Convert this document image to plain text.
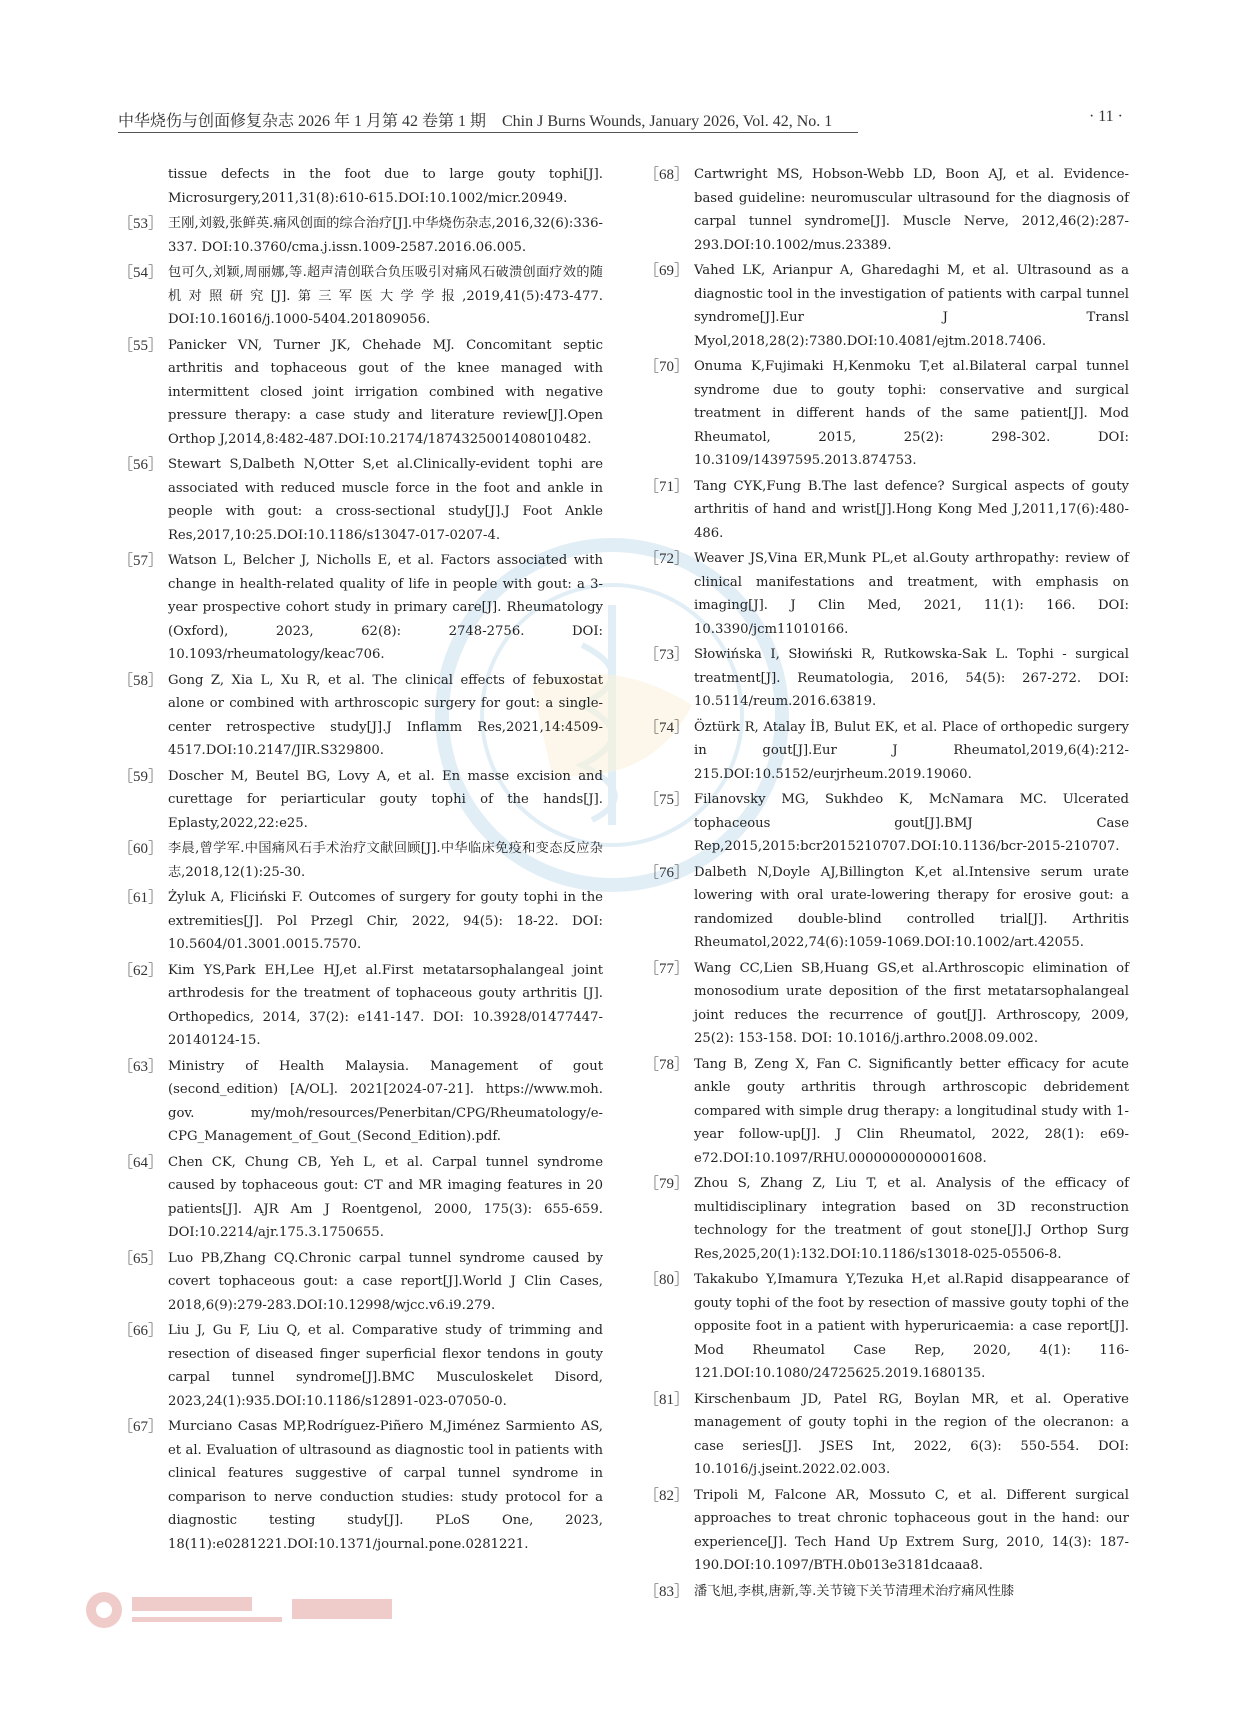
中华烧伤与创面修复杂志 2026 年 1 月第 42 卷第 1 期　Chin J Burns Wounds, January 2026, Vol. 42, No. 1	· 11 ·
tissue defects in the foot due to large gouty tophi[J]. Microsurgery,2011,31(8):610-615.DOI:10.1002/micr.20949.
［53］ 王刚,刘毅,张鲜英.痛风创面的综合治疗[J].中华烧伤杂志,2016,32(6):336-337. DOI:10.3760/cma.j.issn.1009-2587.2016.06.005.
［54］ 包可久,刘颖,周丽娜,等.超声清创联合负压吸引对痛风石破溃创面疗效的随机对照研究[J].第三军医大学学报,2019,41(5):473-477. DOI:10.16016/j.1000-5404.201809056.
［55］ Panicker VN, Turner JK, Chehade MJ. Concomitant septic arthritis and tophaceous gout of the knee managed with intermittent closed joint irrigation combined with negative pressure therapy: a case study and literature review[J].Open Orthop J,2014,8:482-487.DOI:10.2174/1874325001408010482.
［56］ Stewart S,Dalbeth N,Otter S,et al.Clinically-evident tophi are associated with reduced muscle force in the foot and ankle in people with gout: a cross-sectional study[J].J Foot Ankle Res,2017,10:25.DOI:10.1186/s13047-017-0207-4.
［57］ Watson L, Belcher J, Nicholls E, et al. Factors associated with change in health-related quality of life in people with gout: a 3-year prospective cohort study in primary care[J]. Rheumatology (Oxford), 2023, 62(8): 2748-2756. DOI: 10.1093/rheumatology/keac706.
［58］ Gong Z, Xia L, Xu R, et al. The clinical effects of febuxostat alone or combined with arthroscopic surgery for gout: a single-center retrospective study[J].J Inflamm Res,2021,14:4509-4517.DOI:10.2147/JIR.S329800.
［59］ Doscher M, Beutel BG, Lovy A, et al. En masse excision and curettage for periarticular gouty tophi of the hands[J]. Eplasty,2022,22:e25.
［60］ 李晨,曾学军.中国痛风石手术治疗文献回顾[J].中华临床免疫和变态反应杂志,2018,12(1):25-30.
［61］ Żyluk A, Fliciński F. Outcomes of surgery for gouty tophi in the extremities[J]. Pol Przegl Chir, 2022, 94(5): 18-22. DOI: 10.5604/01.3001.0015.7570.
［62］ Kim YS,Park EH,Lee HJ,et al.First metatarsophalangeal joint arthrodesis for the treatment of tophaceous gouty arthritis [J]. Orthopedics, 2014, 37(2): e141-147. DOI: 10.3928/01477447-20140124-15.
［63］ Ministry of Health Malaysia. Management of gout (second_edition) [A/OL]. 2021[2024-07-21]. https://www.moh. gov. my/moh/resources/Penerbitan/CPG/Rheumatology/e-CPG_Management_of_Gout_(Second_Edition).pdf.
［64］ Chen CK, Chung CB, Yeh L, et al. Carpal tunnel syndrome caused by tophaceous gout: CT and MR imaging features in 20 patients[J]. AJR Am J Roentgenol, 2000, 175(3): 655-659. DOI:10.2214/ajr.175.3.1750655.
［65］ Luo PB,Zhang CQ.Chronic carpal tunnel syndrome caused by covert tophaceous gout: a case report[J].World J Clin Cases, 2018,6(9):279-283.DOI:10.12998/wjcc.v6.i9.279.
［66］ Liu J, Gu F, Liu Q, et al. Comparative study of trimming and resection of diseased finger superficial flexor tendons in gouty carpal tunnel syndrome[J].BMC Musculoskelet Disord, 2023,24(1):935.DOI:10.1186/s12891-023-07050-0.
［67］ Murciano Casas MP,Rodríguez-Piñero M,Jiménez Sarmiento AS, et al. Evaluation of ultrasound as diagnostic tool in patients with clinical features suggestive of carpal tunnel syndrome in comparison to nerve conduction studies: study protocol for a diagnostic testing study[J]. PLoS One, 2023, 18(11):e0281221.DOI:10.1371/journal.pone.0281221.
［68］ Cartwright MS, Hobson-Webb LD, Boon AJ, et al. Evidence-based guideline: neuromuscular ultrasound for the diagnosis of carpal tunnel syndrome[J]. Muscle Nerve, 2012,46(2):287-293.DOI:10.1002/mus.23389.
［69］ Vahed LK, Arianpur A, Gharedaghi M, et al. Ultrasound as a diagnostic tool in the investigation of patients with carpal tunnel syndrome[J].Eur J Transl Myol,2018,28(2):7380.DOI:10.4081/ejtm.2018.7406.
［70］ Onuma K,Fujimaki H,Kenmoku T,et al.Bilateral carpal tunnel syndrome due to gouty tophi: conservative and surgical treatment in different hands of the same patient[J]. Mod Rheumatol, 2015, 25(2): 298-302. DOI: 10.3109/14397595.2013.874753.
［71］ Tang CYK,Fung B.The last defence? Surgical aspects of gouty arthritis of hand and wrist[J].Hong Kong Med J,2011,17(6):480-486.
［72］ Weaver JS,Vina ER,Munk PL,et al.Gouty arthropathy: review of clinical manifestations and treatment, with emphasis on imaging[J]. J Clin Med, 2021, 11(1): 166. DOI: 10.3390/jcm11010166.
［73］ Słowińska I, Słowiński R, Rutkowska-Sak L. Tophi - surgical treatment[J]. Reumatologia, 2016, 54(5): 267-272. DOI: 10.5114/reum.2016.63819.
［74］ Öztürk R, Atalay İB, Bulut EK, et al. Place of orthopedic surgery in gout[J].Eur J Rheumatol,2019,6(4):212-215.DOI:10.5152/eurjrheum.2019.19060.
［75］ Filanovsky MG, Sukhdeo K, McNamara MC. Ulcerated tophaceous gout[J].BMJ Case Rep,2015,2015:bcr2015210707.DOI:10.1136/bcr-2015-210707.
［76］ Dalbeth N,Doyle AJ,Billington K,et al.Intensive serum urate lowering with oral urate-lowering therapy for erosive gout: a randomized double-blind controlled trial[J]. Arthritis Rheumatol,2022,74(6):1059-1069.DOI:10.1002/art.42055.
［77］ Wang CC,Lien SB,Huang GS,et al.Arthroscopic elimination of monosodium urate deposition of the first metatarsophalangeal joint reduces the recurrence of gout[J]. Arthroscopy, 2009, 25(2): 153-158. DOI: 10.1016/j.arthro.2008.09.002.
［78］ Tang B, Zeng X, Fan C. Significantly better efficacy for acute ankle gouty arthritis through arthroscopic debridement compared with simple drug therapy: a longitudinal study with 1-year follow-up[J]. J Clin Rheumatol, 2022, 28(1): e69-e72.DOI:10.1097/RHU.0000000000001608.
［79］ Zhou S, Zhang Z, Liu T, et al. Analysis of the efficacy of multidisciplinary integration based on 3D reconstruction technology for the treatment of gout stone[J].J Orthop Surg Res,2025,20(1):132.DOI:10.1186/s13018-025-05506-8.
［80］ Takakubo Y,Imamura Y,Tezuka H,et al.Rapid disappearance of gouty tophi of the foot by resection of massive gouty tophi of the opposite foot in a patient with hyperuricaemia: a case report[J]. Mod Rheumatol Case Rep, 2020, 4(1): 116-121.DOI:10.1080/24725625.2019.1680135.
［81］ Kirschenbaum JD, Patel RG, Boylan MR, et al. Operative management of gouty tophi in the region of the olecranon: a case series[J]. JSES Int, 2022, 6(3): 550-554. DOI: 10.1016/j.jseint.2022.02.003.
［82］ Tripoli M, Falcone AR, Mossuto C, et al. Different surgical approaches to treat chronic tophaceous gout in the hand: our experience[J]. Tech Hand Up Extrem Surg, 2010, 14(3): 187-190.DOI:10.1097/BTH.0b013e3181dcaaa8.
［83］ 潘飞旭,李棋,唐新,等.关节镜下关节清理术治疗痛风性膝
